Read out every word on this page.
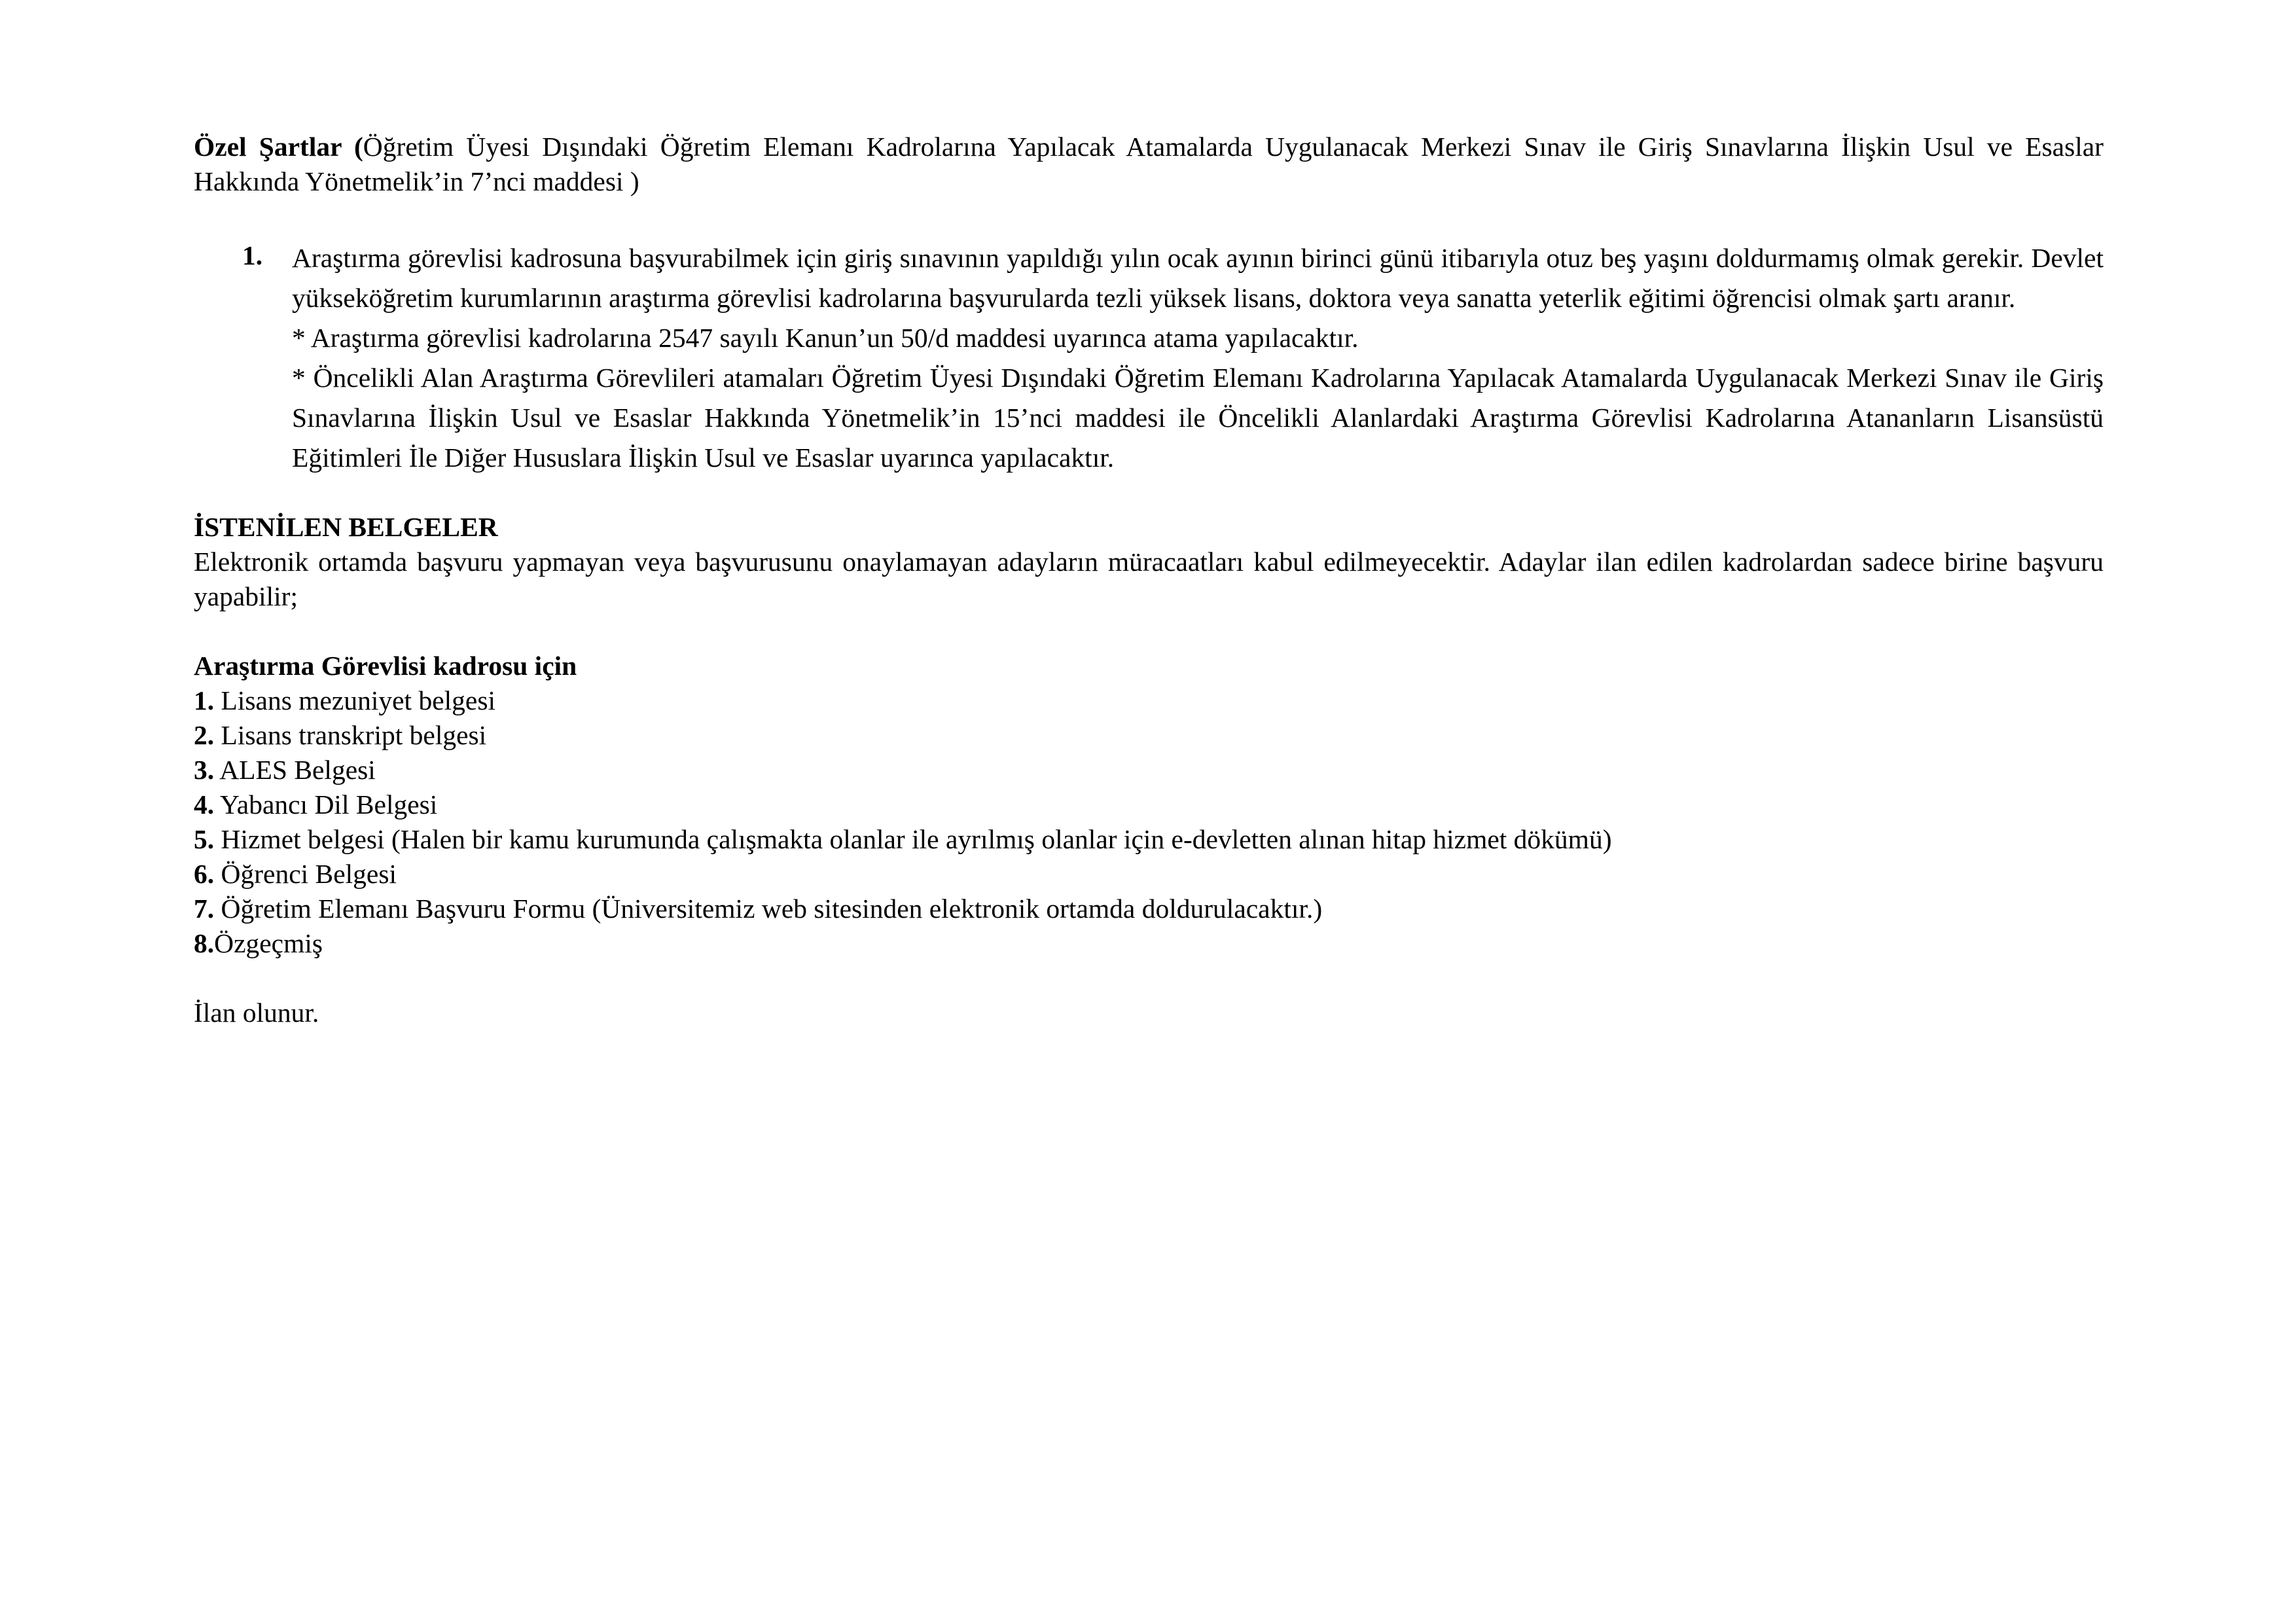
Özel Şartlar (Öğretim Üyesi Dışındaki Öğretim Elemanı Kadrolarına Yapılacak Atamalarda Uygulanacak Merkezi Sınav ile Giriş Sınavlarına İlişkin Usul ve Esaslar Hakkında Yönetmelik’in 7’nci maddesi )

1. Araştırma görevlisi kadrosuna başvurabilmek için giriş sınavının yapıldığı yılın ocak ayının birinci günü itibarıyla otuz beş yaşını doldurmamış olmak gerekir. Devlet yükseköğretim kurumlarının araştırma görevlisi kadrolarına başvurularda tezli yüksek lisans, doktora veya sanatta yeterlik eğitimi öğrencisi olmak şartı aranır.

* Araştırma görevlisi kadrolarına 2547 sayılı Kanun’un 50/d maddesi uyarınca atama yapılacaktır.

* Öncelikli Alan Araştırma Görevlileri atamaları Öğretim Üyesi Dışındaki Öğretim Elemanı Kadrolarına Yapılacak Atamalarda Uygulanacak Merkezi Sınav ile Giriş Sınavlarına İlişkin Usul ve Esaslar Hakkında Yönetmelik’in 15’nci maddesi ile Öncelikli Alanlardaki Araştırma Görevlisi Kadrolarına Atananların Lisansüstü Eğitimleri İle Diğer Hususlara İlişkin Usul ve Esaslar uyarınca yapılacaktır.

İSTENİLEN BELGELER

Elektronik ortamda başvuru yapmayan veya başvurusunu onaylamayan adayların müracaatları kabul edilmeyecektir. Adaylar ilan edilen kadrolardan sadece birine başvuru yapabilir;

Araştırma Görevlisi kadrosu için
1. Lisans mezuniyet belgesi
2. Lisans transkript belgesi
3. ALES Belgesi
4. Yabancı Dil Belgesi
5. Hizmet belgesi (Halen bir kamu kurumunda çalışmakta olanlar ile ayrılmış olanlar için e-devletten alınan hitap hizmet dökümü)
6. Öğrenci Belgesi
7. Öğretim Elemanı Başvuru Formu (Üniversitemiz web sitesinden elektronik ortamda doldurulacaktır.)
8.Özgeçmiş
İlan olunur.
